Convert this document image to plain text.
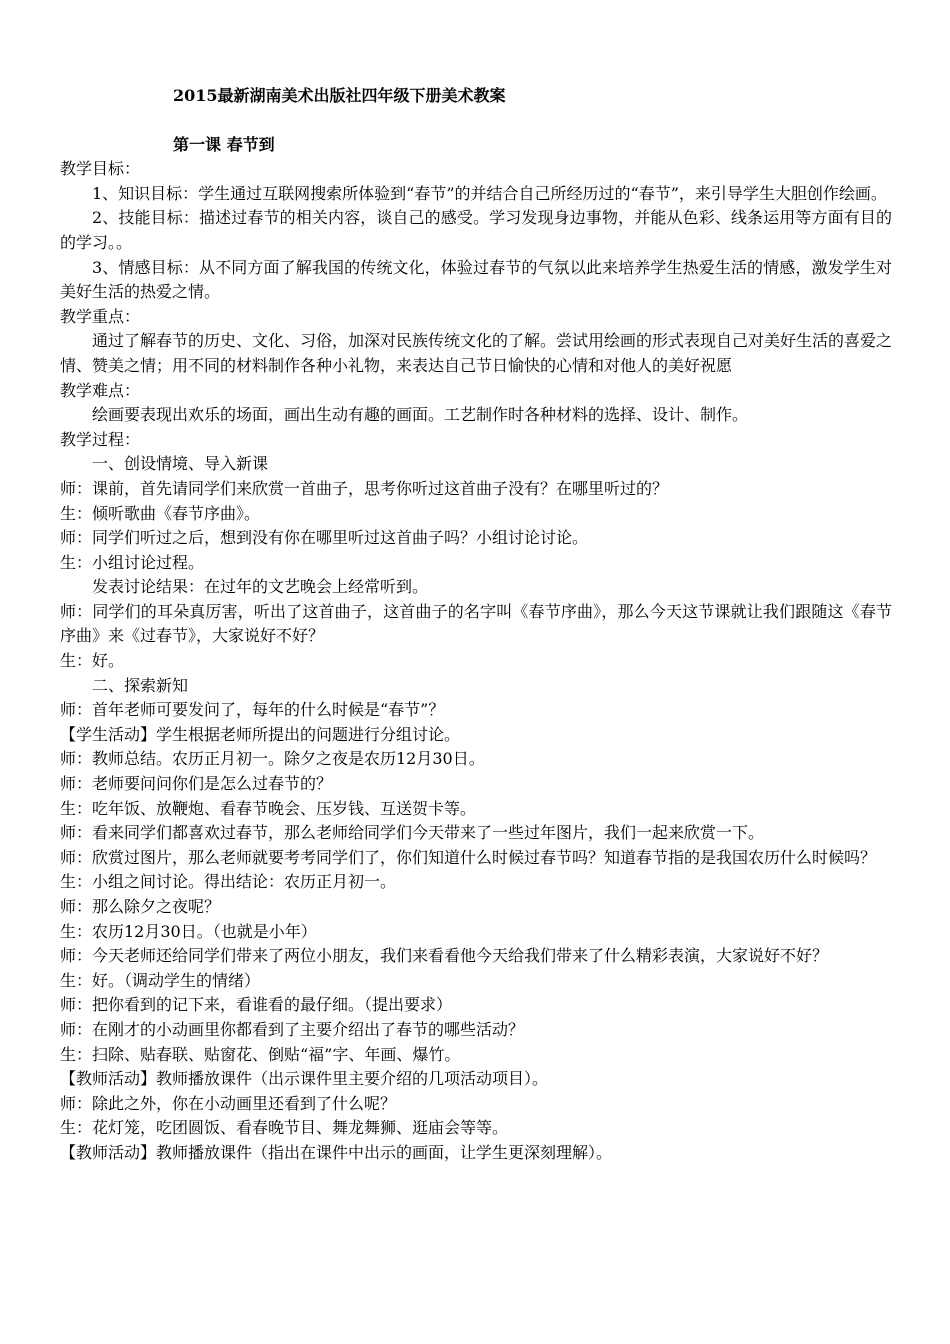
2015最新湖南美术出版社四年级下册美术教案
第一课 春节到

教学目标：

1、知识目标：学生通过互联网搜索所体验到“春节”的并结合自己所经历过的“春节”，来引导学生大胆创作绘画。

2、技能目标：描述过春节的相关内容，谈自己的感受。学习发现身边事物，并能从色彩、线条运用等方面有目的的学习。。

3、情感目标：从不同方面了解我国的传统文化，体验过春节的气氛以此来培养学生热爱生活的情感，激发学生对美好生活的热爱之情。

教学重点：

通过了解春节的历史、文化、习俗，加深对民族传统文化的了解。尝试用绘画的形式表现自己对美好生活的喜爱之情、赞美之情；用不同的材料制作各种小礼物，来表达自己节日愉快的心情和对他人的美好祝愿

教学难点：

绘画要表现出欢乐的场面，画出生动有趣的画面。工艺制作时各种材料的选择、设计、制作。

教学过程：

一、创设情境、导入新课

师：课前，首先请同学们来欣赏一首曲子，思考你听过这首曲子没有？在哪里听过的？

生：倾听歌曲《春节序曲》。

师：同学们听过之后，想到没有你在哪里听过这首曲子吗？小组讨论讨论。

生：小组讨论过程。

发表讨论结果：在过年的文艺晚会上经常听到。

师：同学们的耳朵真厉害，听出了这首曲子，这首曲子的名字叫《春节序曲》，那么今天这节课就让我们跟随这《春节序曲》来《过春节》，大家说好不好？

生：好。

二、探索新知

师：首年老师可要发问了，每年的什么时候是“春节”？

【学生活动】学生根据老师所提出的问题进行分组讨论。

师：教师总结。农历正月初一。除夕之夜是农历12月30日。

师：老师要问问你们是怎么过春节的？

生：吃年饭、放鞭炮、看春节晚会、压岁钱、互送贺卡等。

师：看来同学们都喜欢过春节，那么老师给同学们今天带来了一些过年图片，我们一起来欣赏一下。

师：欣赏过图片，那么老师就要考考同学们了，你们知道什么时候过春节吗？知道春节指的是我国农历什么时候吗？

生：小组之间讨论。得出结论：农历正月初一。

师：那么除夕之夜呢？

生：农历12月30日。（也就是小年）

师：今天老师还给同学们带来了两位小朋友，我们来看看他今天给我们带来了什么精彩表演，大家说好不好？

生：好。（调动学生的情绪）

师：把你看到的记下来，看谁看的最仔细。（提出要求）

师：在刚才的小动画里你都看到了主要介绍出了春节的哪些活动？

生：扫除、贴春联、贴窗花、倒贴“福”字、年画、爆竹。

【教师活动】教师播放课件（出示课件里主要介绍的几项活动项目）。

师：除此之外，你在小动画里还看到了什么呢？

生：花灯笼，吃团圆饭、看春晚节目、舞龙舞狮、逛庙会等等。

【教师活动】教师播放课件（指出在课件中出示的画面，让学生更深刻理解）。
